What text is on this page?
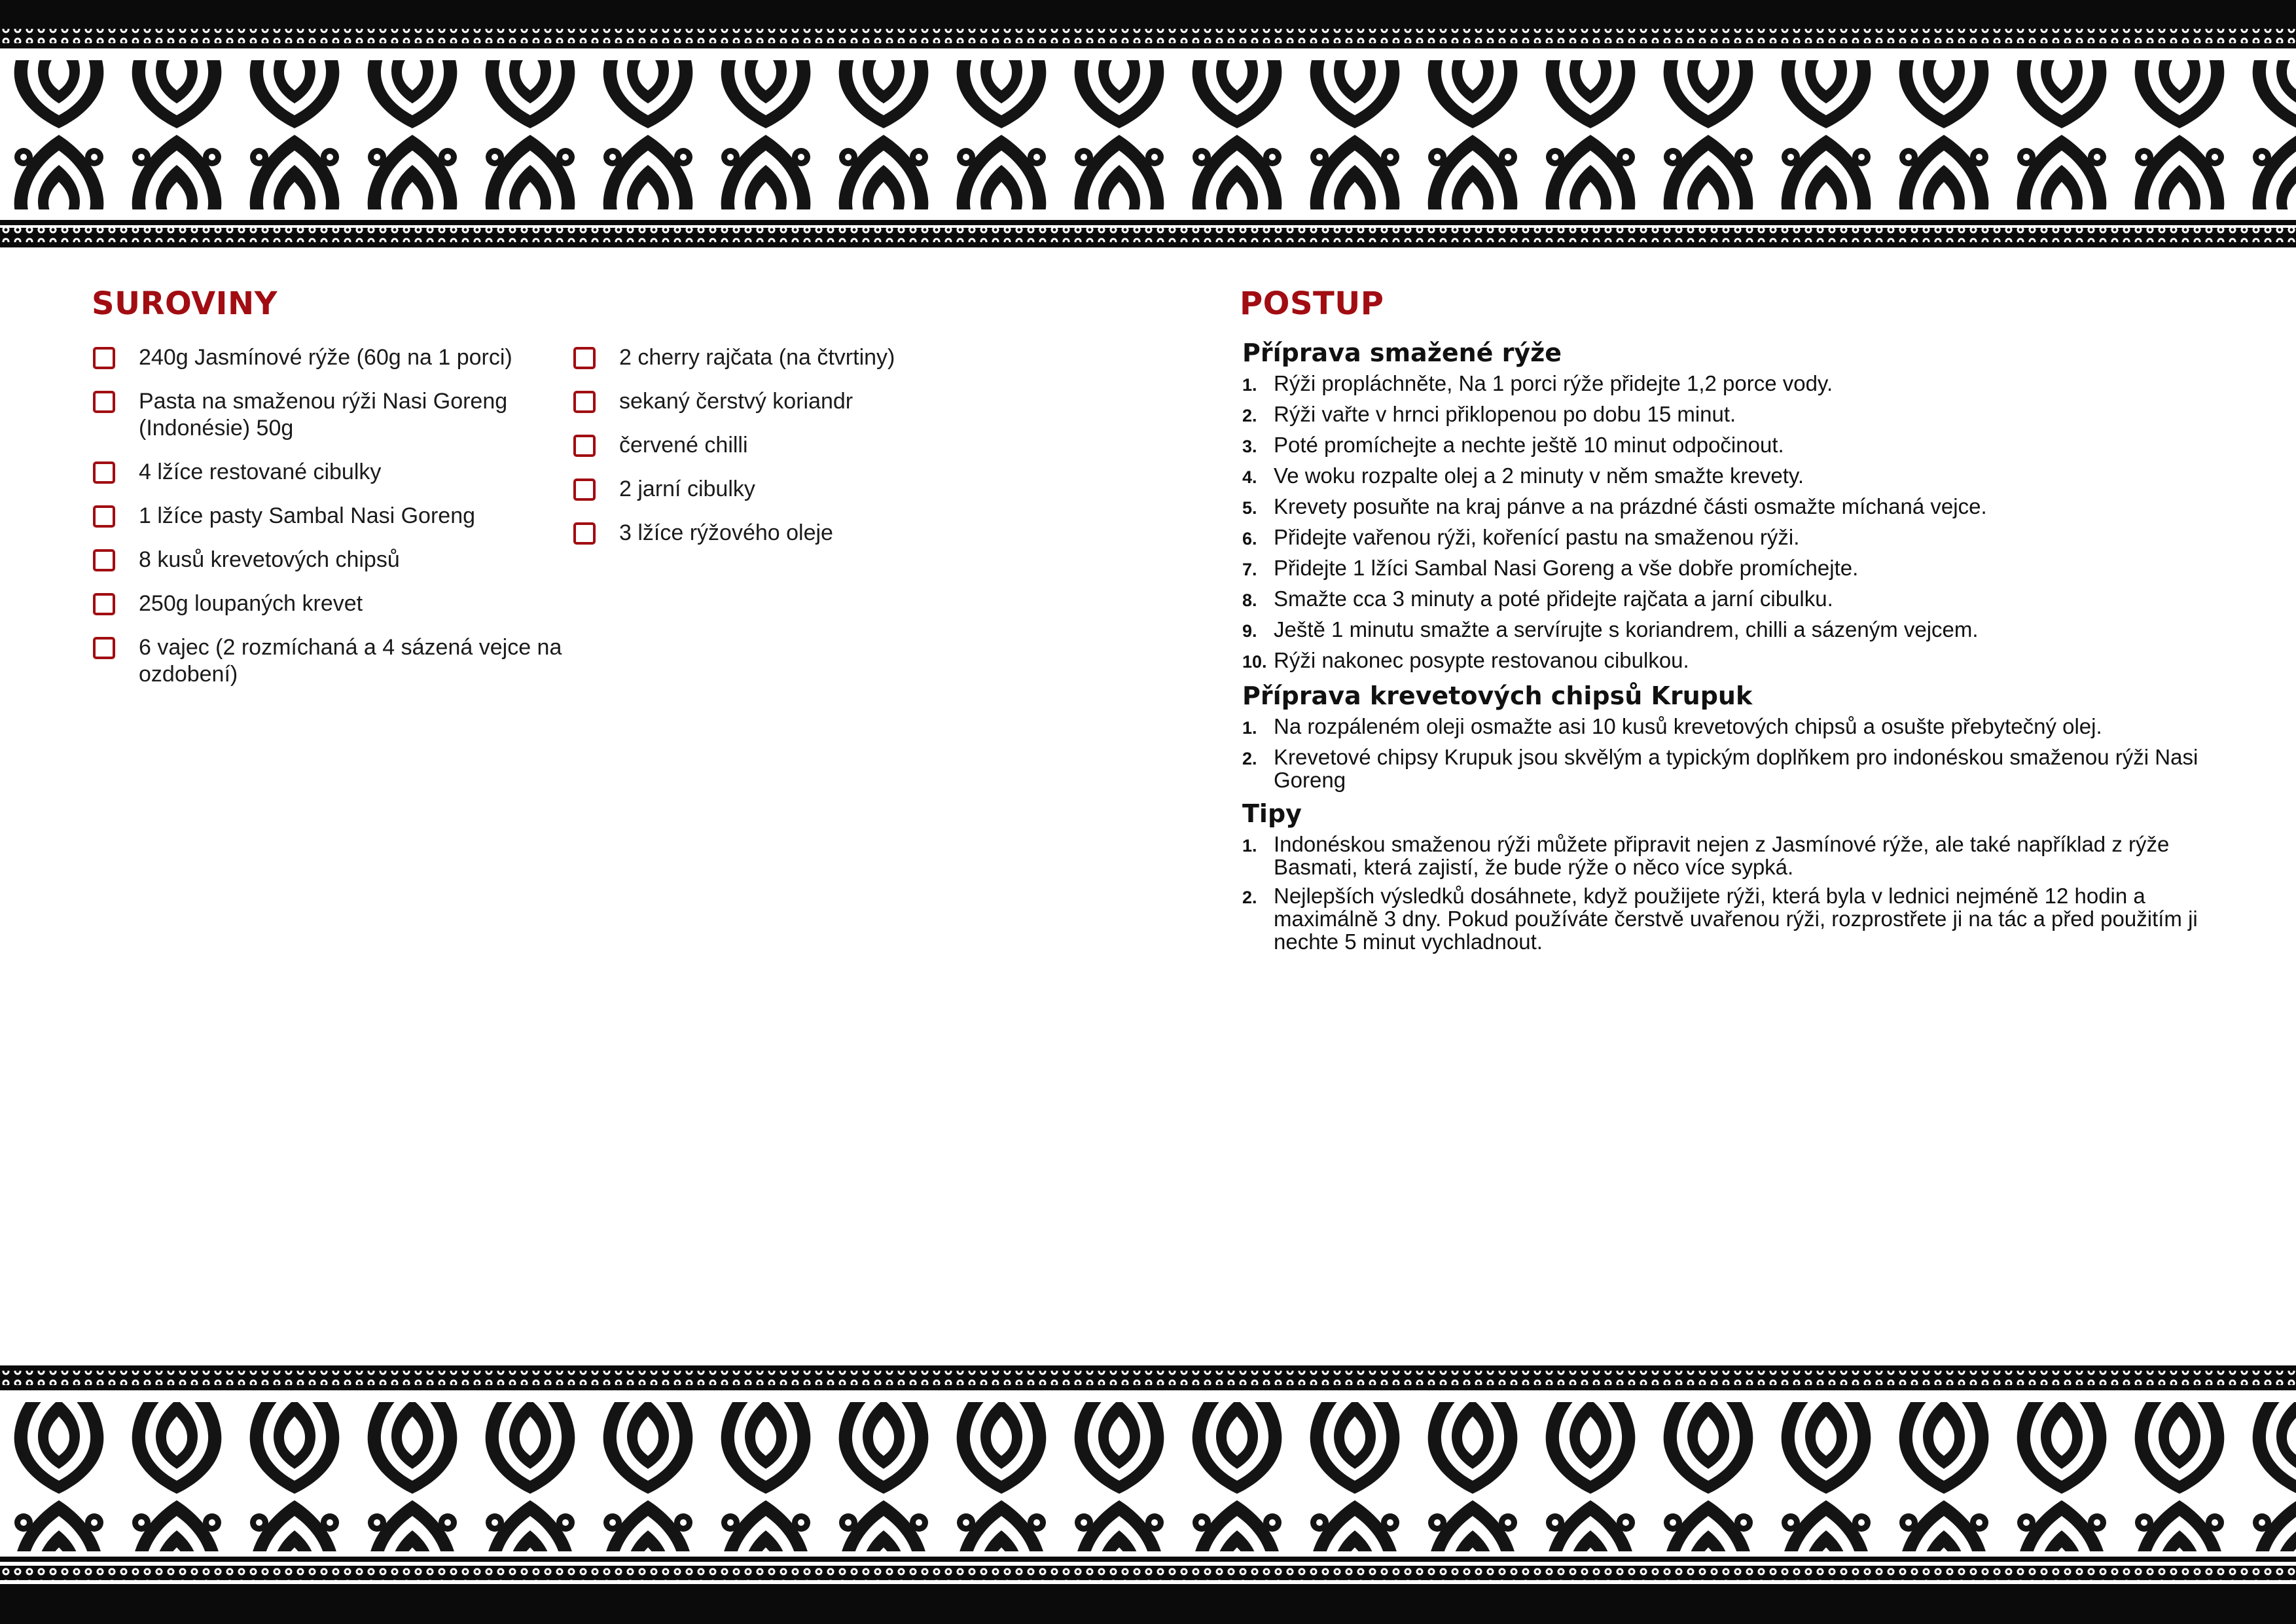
SUROVINY	POSTUP
240g Jasmínové rýže (60g na 1 porci)
Pasta na smaženou rýži Nasi Goreng (Indonésie) 50g
4 lžíce restované cibulky
1 lžíce pasty Sambal Nasi Goreng
8 kusů krevetových chipsů
250g loupaných krevet
6 vajec (2 rozmíchaná a 4 sázená vejce na ozdobení)
2 cherry rajčata (na čtvrtiny)
sekaný čerstvý koriandr
červené chilli
2 jarní cibulky
3 lžíce rýžového oleje
Příprava smažené rýže
1. Rýži propláchněte, Na 1 porci rýže přidejte 1,2 porce vody.
2. Rýži vařte v hrnci přiklopenou po dobu 15 minut.
3. Poté promíchejte a nechte ještě 10 minut odpočinout.
4. Ve woku rozpalte olej a 2 minuty v něm smažte krevety.
5. Krevety posuňte na kraj pánve a na prázdné části osmažte míchaná vejce.
6. Přidejte vařenou rýži, kořenící pastu na smaženou rýži.
7. Přidejte 1 lžíci Sambal Nasi Goreng a vše dobře promíchejte.
8. Smažte cca 3 minuty a poté přidejte rajčata a jarní cibulku.
9. Ještě 1 minutu smažte a servírujte s koriandrem, chilli a sázeným vejcem.
10. Rýži nakonec posypte restovanou cibulkou.
Příprava krevetových chipsů Krupuk
1. Na rozpáleném oleji osmažte asi 10 kusů krevetových chipsů a osušte přebytečný olej.
2. Krevetové chipsy Krupuk jsou skvělým a typickým doplňkem pro indonéskou smaženou rýži Nasi Goreng
Tipy
1. Indonéskou smaženou rýži můžete připravit nejen z Jasmínové rýže, ale také například z rýže Basmati, která zajistí, že bude rýže o něco více sypká.
2. Nejlepších výsledků dosáhnete, když použijete rýži, která byla v lednici nejméně 12 hodin a maximálně 3 dny. Pokud používáte čerstvě uvařenou rýži, rozprostřete ji na tác a před použitím ji nechte 5 minut vychladnout.
